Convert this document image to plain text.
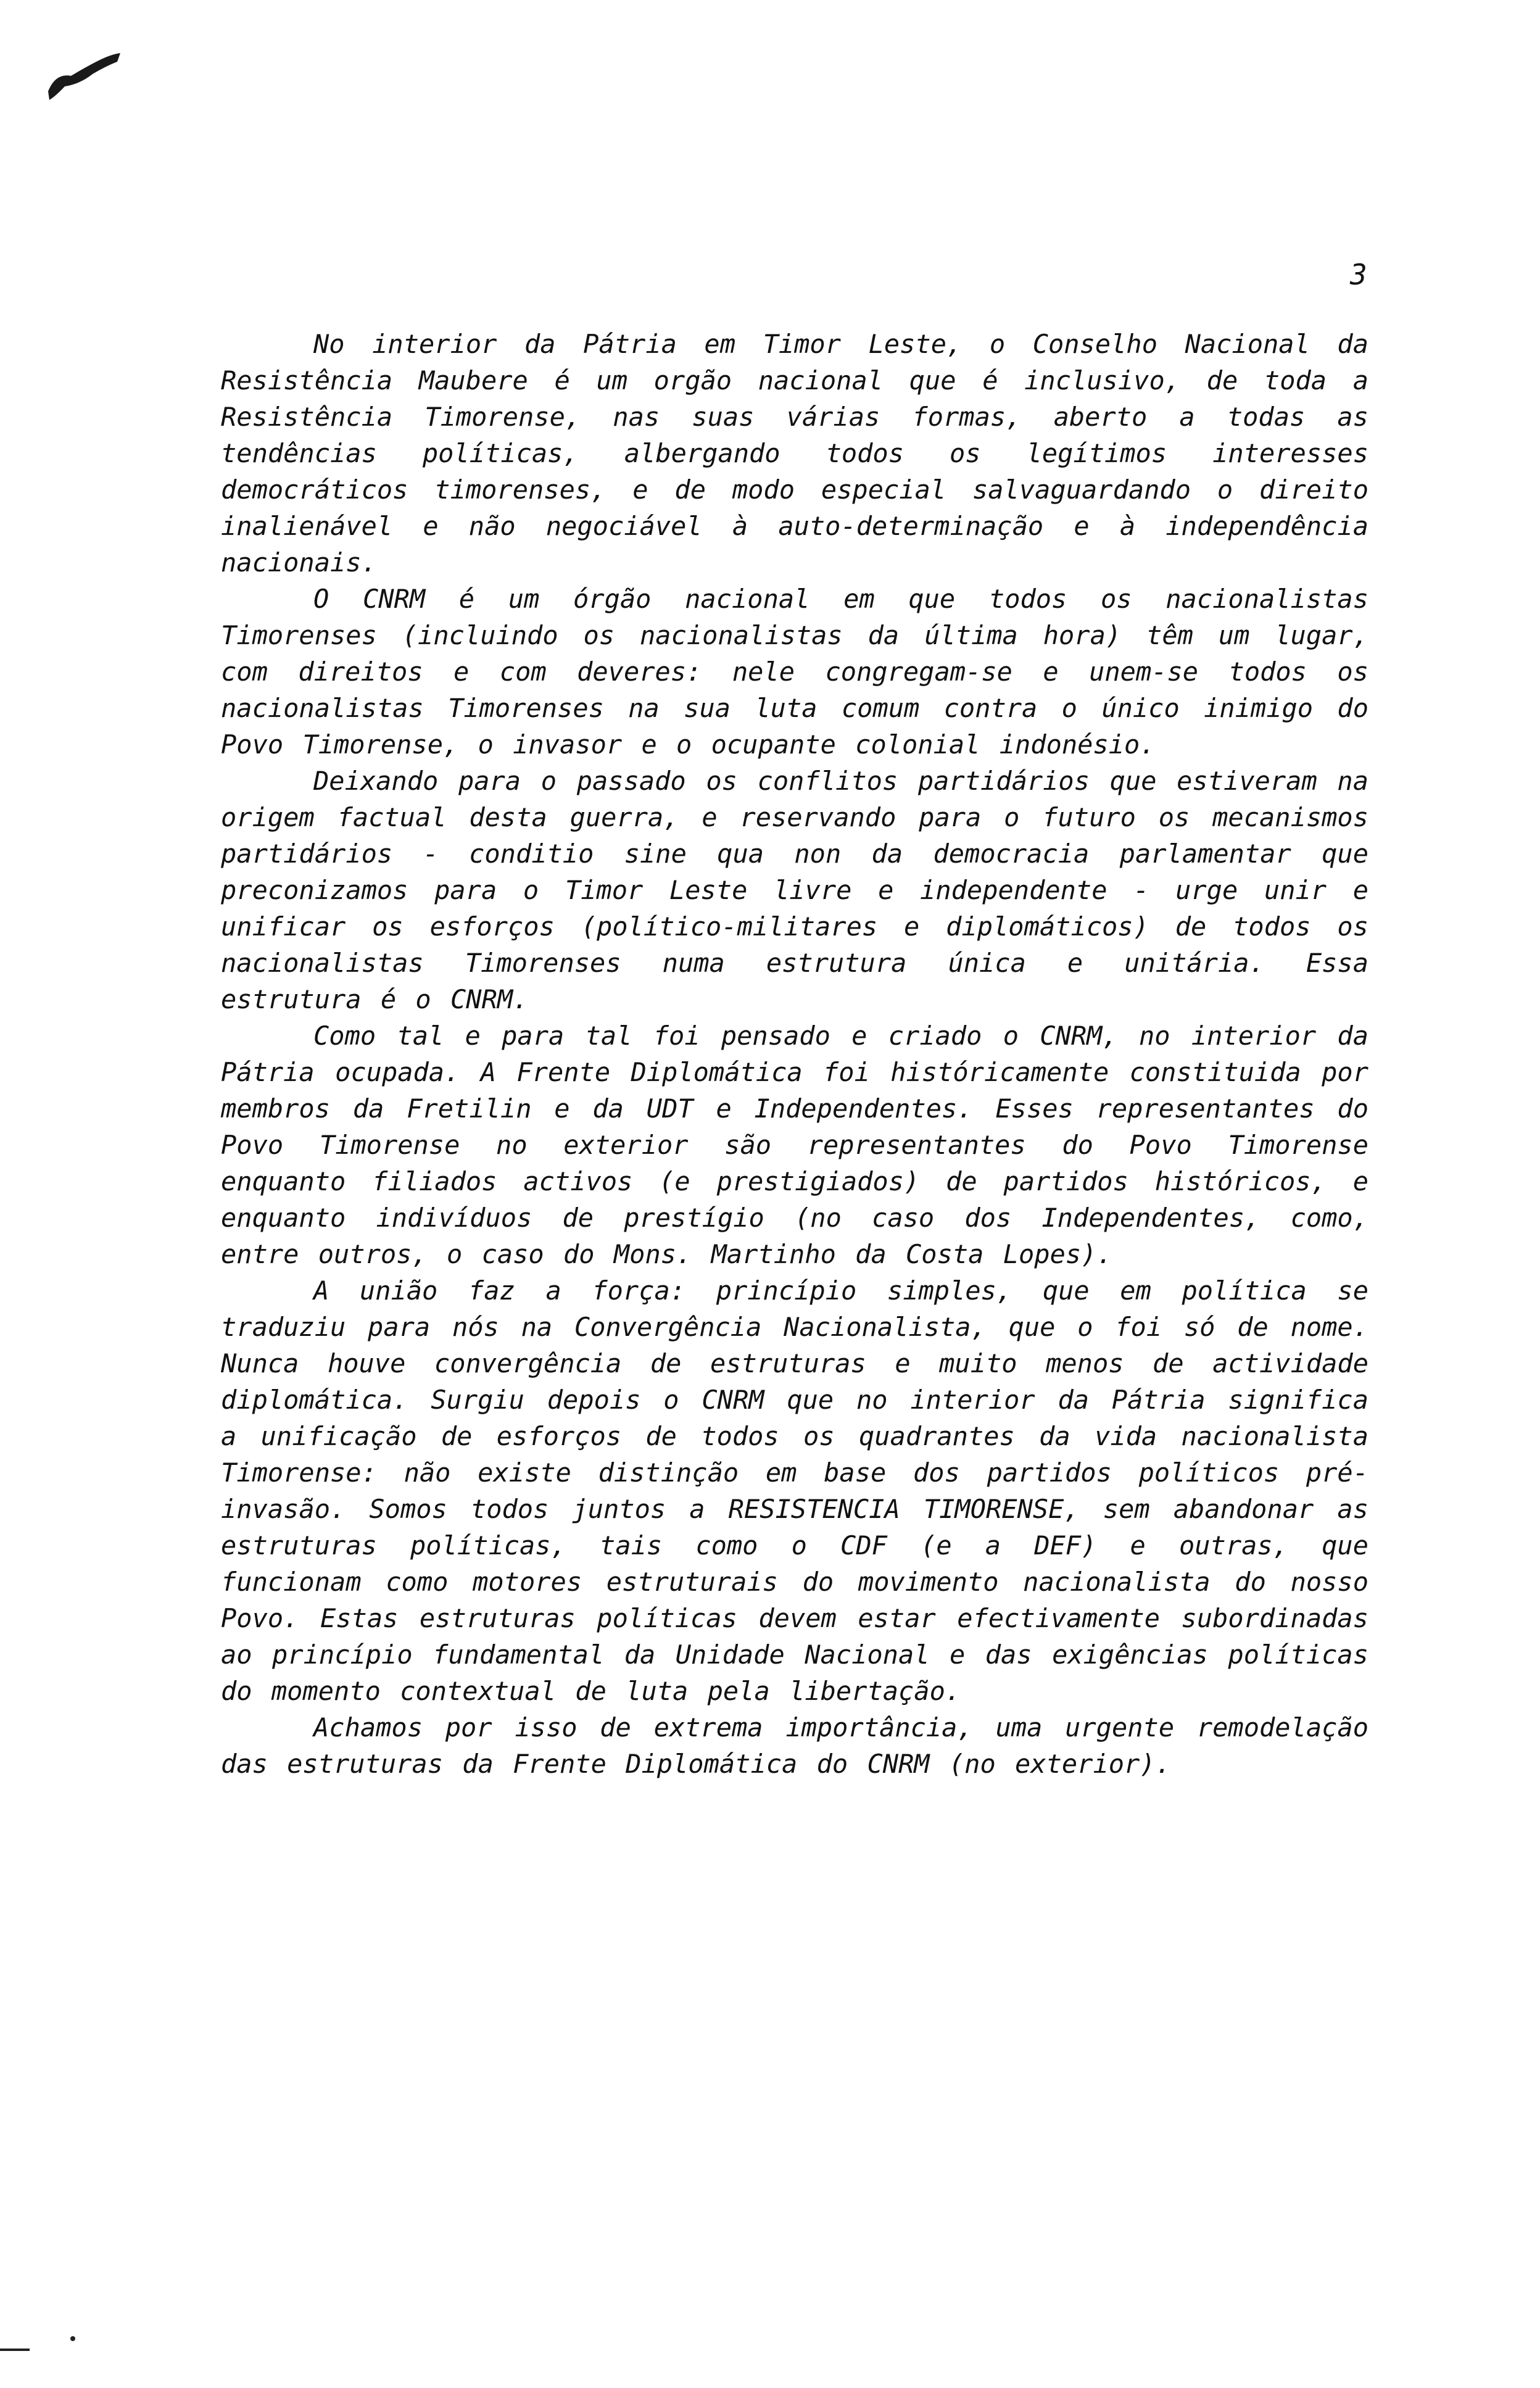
3

No interior da Pátria em Timor Leste, o Conselho Nacional da Resistência Maubere é um orgão nacional que é inclusivo, de toda a Resistência Timorense, nas suas várias formas, aberto a todas as tendências políticas, albergando todos os legítimos interesses democráticos timorenses, e de modo especial salvaguardando o direito inalienável e não negociável à auto-determinação e à independência nacionais.

O CNRM é um órgão nacional em que todos os nacionalistas Timorenses (incluindo os nacionalistas da última hora) têm um lugar, com direitos e com deveres: nele congregam-se e unem-se todos os nacionalistas Timorenses na sua luta comum contra o único inimigo do Povo Timorense, o invasor e o ocupante colonial indonésio.

Deixando para o passado os conflitos partidários que estiveram na origem factual desta guerra, e reservando para o futuro os mecanismos partidários - conditio sine qua non da democracia parlamentar que preconizamos para o Timor Leste livre e independente - urge unir e unificar os esforços (político-militares e diplomáticos) de todos os nacionalistas Timorenses numa estrutura única e unitária. Essa estrutura é o CNRM.

Como tal e para tal foi pensado e criado o CNRM, no interior da Pátria ocupada. A Frente Diplomática foi históricamente constituida por membros da Fretilin e da UDT e Independentes. Esses representantes do Povo Timorense no exterior são representantes do Povo Timorense enquanto filiados activos (e prestigiados) de partidos históricos, e enquanto indivíduos de prestígio (no caso dos Independentes, como, entre outros, o caso do Mons. Martinho da Costa Lopes).

A união faz a força: princípio simples, que em política se traduziu para nós na Convergência Nacionalista, que o foi só de nome. Nunca houve convergência de estruturas e muito menos de actividade diplomática. Surgiu depois o CNRM que no interior da Pátria significa a unificação de esforços de todos os quadrantes da vida nacionalista Timorense: não existe distinção em base dos partidos políticos pré-invasão. Somos todos juntos a RESISTENCIA TIMORENSE, sem abandonar as estruturas políticas, tais como o CDF (e a DEF) e outras, que funcionam como motores estruturais do movimento nacionalista do nosso Povo. Estas estruturas políticas devem estar efectivamente subordinadas ao princípio fundamental da Unidade Nacional e das exigências políticas do momento contextual de luta pela libertação.

Achamos por isso de extrema importância, uma urgente remodelação das estruturas da Frente Diplomática do CNRM (no exterior).
